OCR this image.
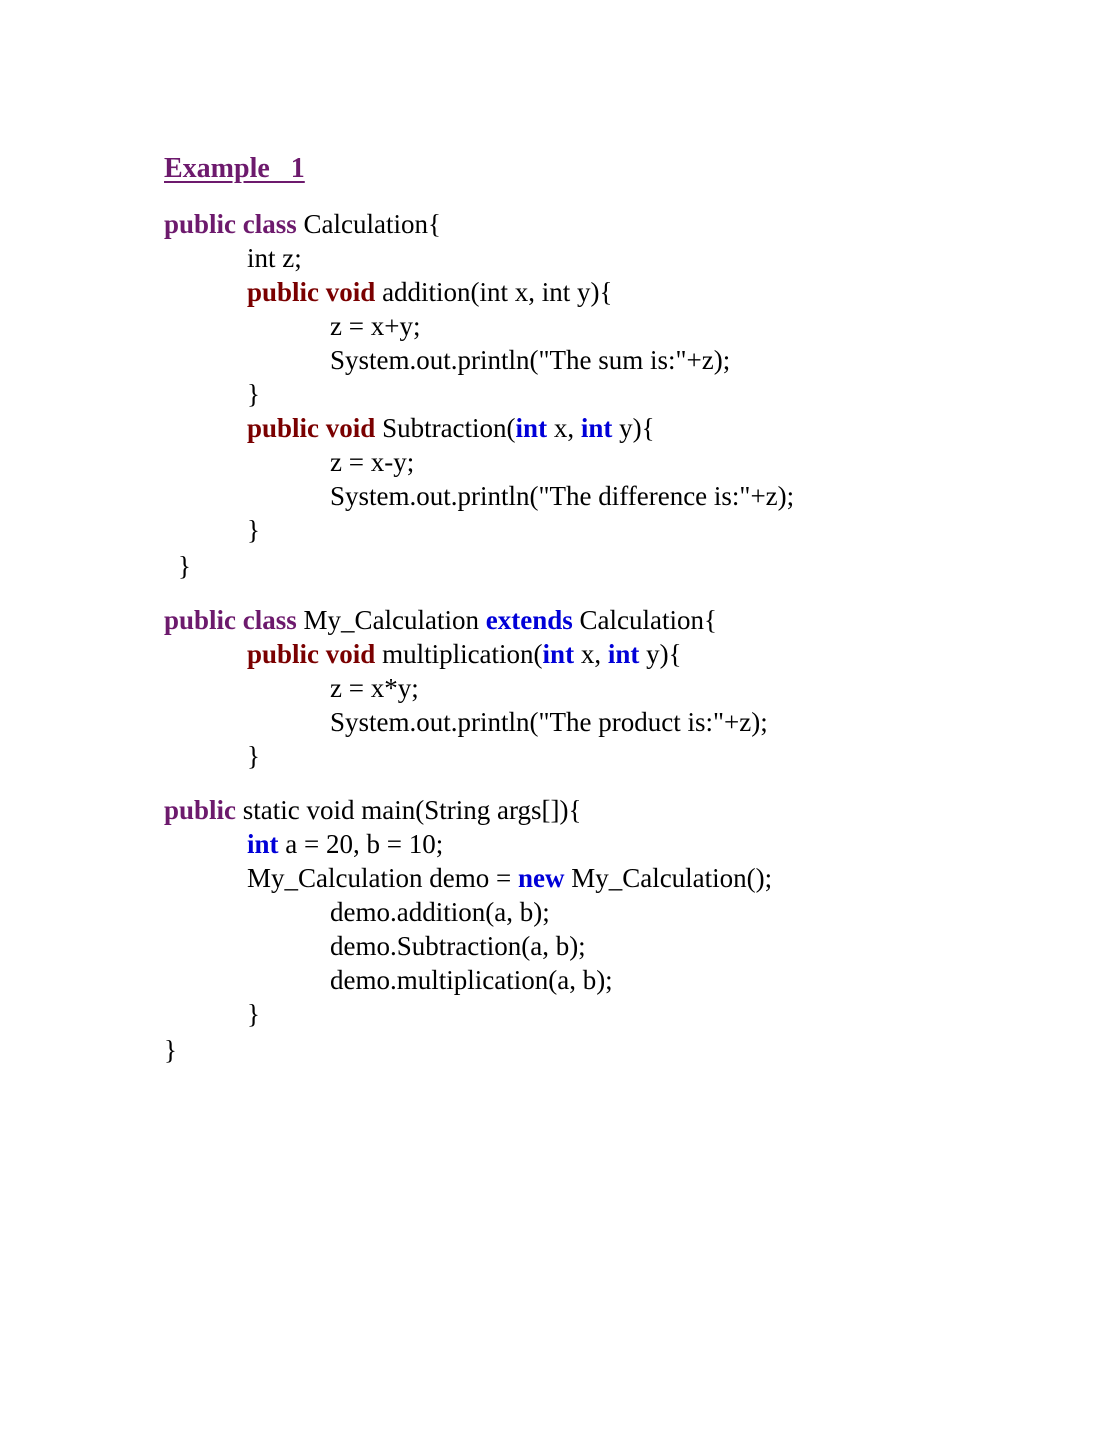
Example   1
public class Calculation{
int z;
public void addition(int x, int y){
z = x+y;
System.out.println("The sum is:"+z);
}
public void Subtraction(int x, int y){
z = x-y;
System.out.println("The difference is:"+z);
}
}
public class My_Calculation extends Calculation{
public void multiplication(int x, int y){
z = x*y;
System.out.println("The product is:"+z);
}
public static void main(String args[]){
int a = 20, b = 10;
My_Calculation demo = new My_Calculation();
demo.addition(a, b);
demo.Subtraction(a, b);
demo.multiplication(a, b);
}
}
